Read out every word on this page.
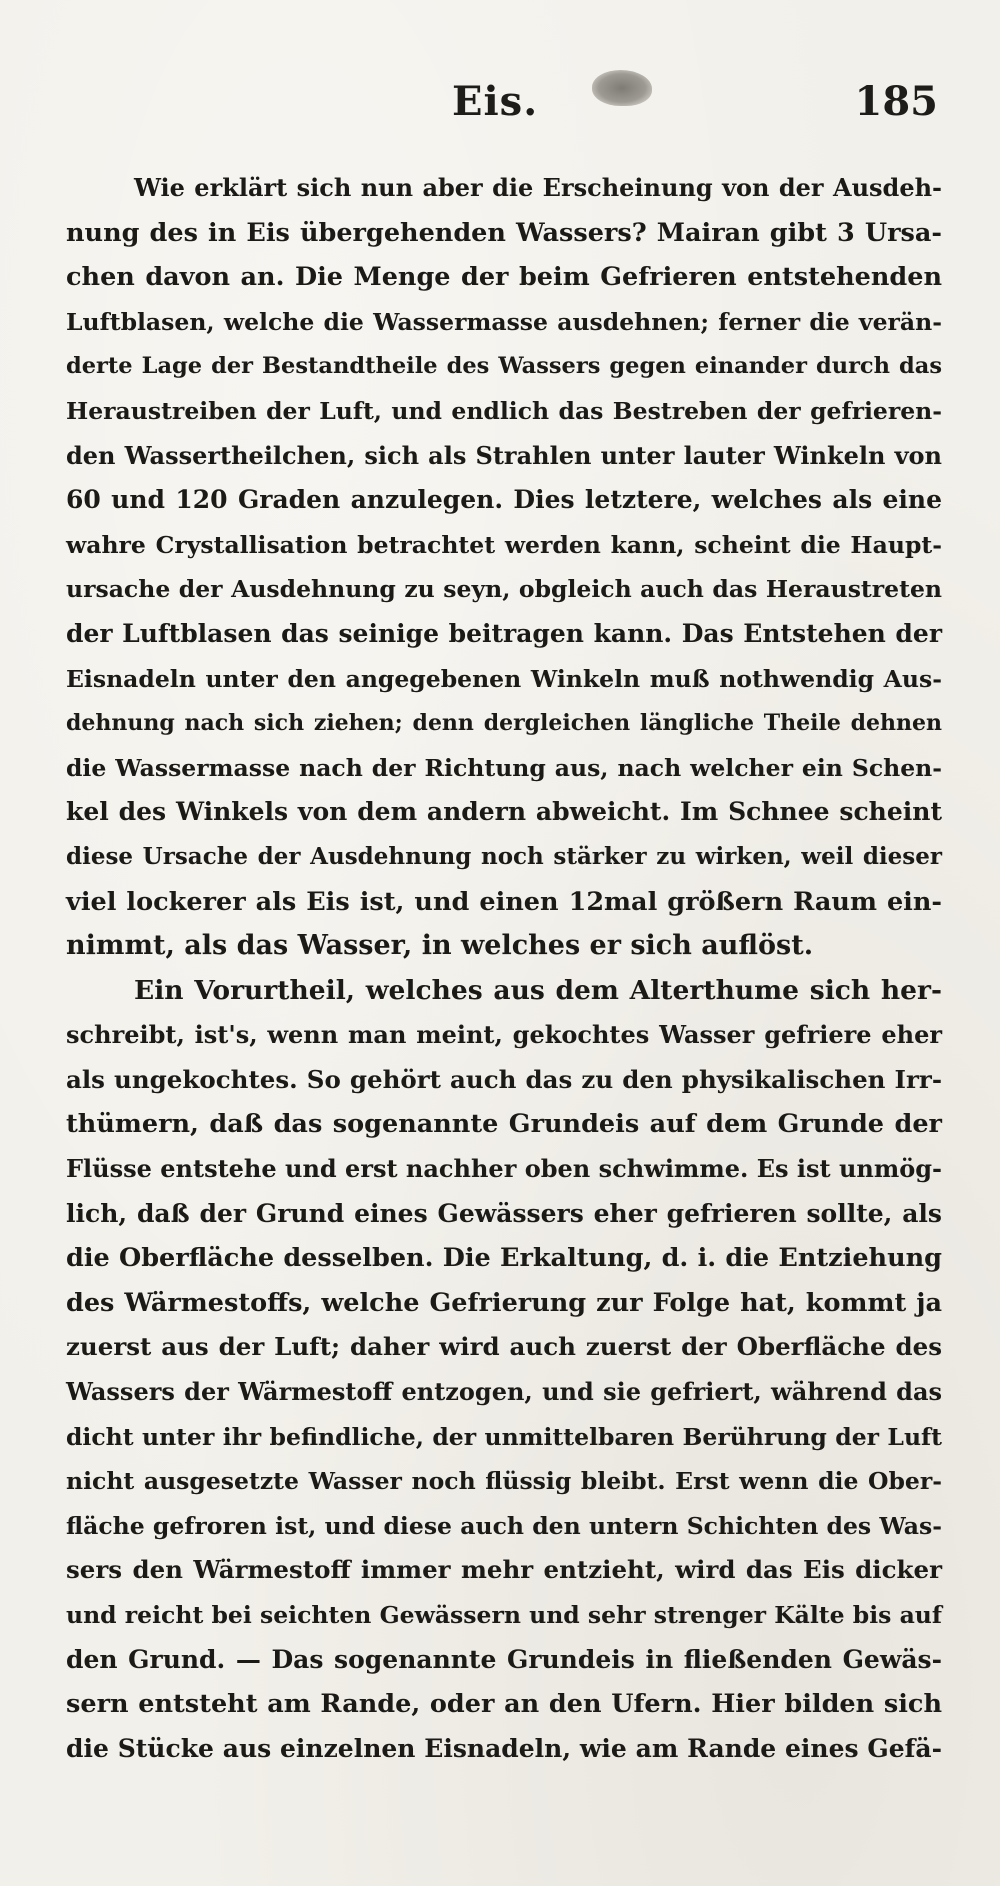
Eis.	185
Wie erklärt sich nun aber die Erscheinung von der Ausdeh-
nung des in Eis übergehenden Wassers? Mairan gibt 3 Ursa-
chen davon an. Die Menge der beim Gefrieren entstehenden
Luftblasen, welche die Wassermasse ausdehnen; ferner die verän-
derte Lage der Bestandtheile des Wassers gegen einander durch das
Heraustreiben der Luft, und endlich das Bestreben der gefrieren-
den Wassertheilchen, sich als Strahlen unter lauter Winkeln von
60 und 120 Graden anzulegen. Dies letztere, welches als eine
wahre Crystallisation betrachtet werden kann, scheint die Haupt-
ursache der Ausdehnung zu seyn, obgleich auch das Heraustreten
der Luftblasen das seinige beitragen kann. Das Entstehen der
Eisnadeln unter den angegebenen Winkeln muß nothwendig Aus-
dehnung nach sich ziehen; denn dergleichen längliche Theile dehnen
die Wassermasse nach der Richtung aus, nach welcher ein Schen-
kel des Winkels von dem andern abweicht. Im Schnee scheint
diese Ursache der Ausdehnung noch stärker zu wirken, weil dieser
viel lockerer als Eis ist, und einen 12mal größern Raum ein-
nimmt, als das Wasser, in welches er sich auflöst.
Ein Vorurtheil, welches aus dem Alterthume sich her-
schreibt, ist's, wenn man meint, gekochtes Wasser gefriere eher
als ungekochtes. So gehört auch das zu den physikalischen Irr-
thümern, daß das sogenannte Grundeis auf dem Grunde der
Flüsse entstehe und erst nachher oben schwimme. Es ist unmög-
lich, daß der Grund eines Gewässers eher gefrieren sollte, als
die Oberfläche desselben. Die Erkaltung, d. i. die Entziehung
des Wärmestoffs, welche Gefrierung zur Folge hat, kommt ja
zuerst aus der Luft; daher wird auch zuerst der Oberfläche des
Wassers der Wärmestoff entzogen, und sie gefriert, während das
dicht unter ihr befindliche, der unmittelbaren Berührung der Luft
nicht ausgesetzte Wasser noch flüssig bleibt. Erst wenn die Ober-
fläche gefroren ist, und diese auch den untern Schichten des Was-
sers den Wärmestoff immer mehr entzieht, wird das Eis dicker
und reicht bei seichten Gewässern und sehr strenger Kälte bis auf
den Grund. — Das sogenannte Grundeis in fließenden Gewäs-
sern entsteht am Rande, oder an den Ufern. Hier bilden sich
die Stücke aus einzelnen Eisnadeln, wie am Rande eines Gefä-
